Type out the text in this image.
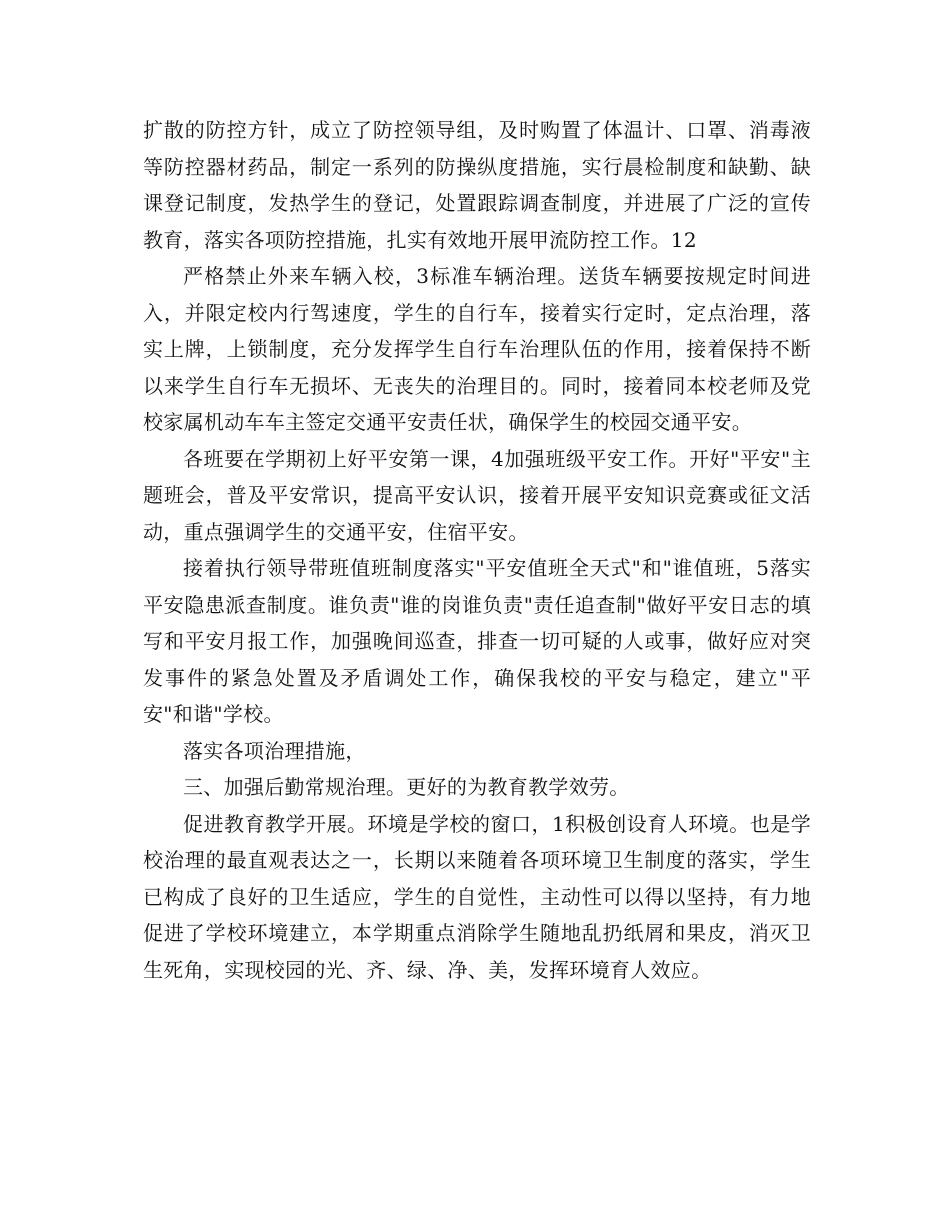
扩散的防控方针，成立了防控领导组，及时购置了体温计、口罩、消毒液等防控器材药品，制定一系列的防操纵度措施，实行晨检制度和缺勤、缺课登记制度，发热学生的登记，处置跟踪调查制度，并进展了广泛的宣传教育，落实各项防控措施，扎实有效地开展甲流防控工作。12

严格禁止外来车辆入校，3标准车辆治理。送货车辆要按规定时间进入，并限定校内行驾速度，学生的自行车，接着实行定时，定点治理，落实上牌，上锁制度，充分发挥学生自行车治理队伍的作用，接着保持不断以来学生自行车无损坏、无丧失的治理目的。同时，接着同本校老师及党校家属机动车车主签定交通平安责任状，确保学生的校园交通平安。

各班要在学期初上好平安第一课，4加强班级平安工作。开好"平安"主题班会，普及平安常识，提高平安认识，接着开展平安知识竞赛或征文活动，重点强调学生的交通平安，住宿平安。

接着执行领导带班值班制度落实"平安值班全天式"和"谁值班，5落实平安隐患派查制度。谁负责"谁的岗谁负责"责任追查制"做好平安日志的填写和平安月报工作，加强晚间巡查，排查一切可疑的人或事，做好应对突发事件的紧急处置及矛盾调处工作，确保我校的平安与稳定，建立"平安"和谐"学校。

落实各项治理措施，

三、加强后勤常规治理。更好的为教育教学效劳。

促进教育教学开展。环境是学校的窗口，1积极创设育人环境。也是学校治理的最直观表达之一，长期以来随着各项环境卫生制度的落实，学生已构成了良好的卫生适应，学生的自觉性，主动性可以得以坚持，有力地促进了学校环境建立，本学期重点消除学生随地乱扔纸屑和果皮，消灭卫生死角，实现校园的光、齐、绿、净、美，发挥环境育人效应。
